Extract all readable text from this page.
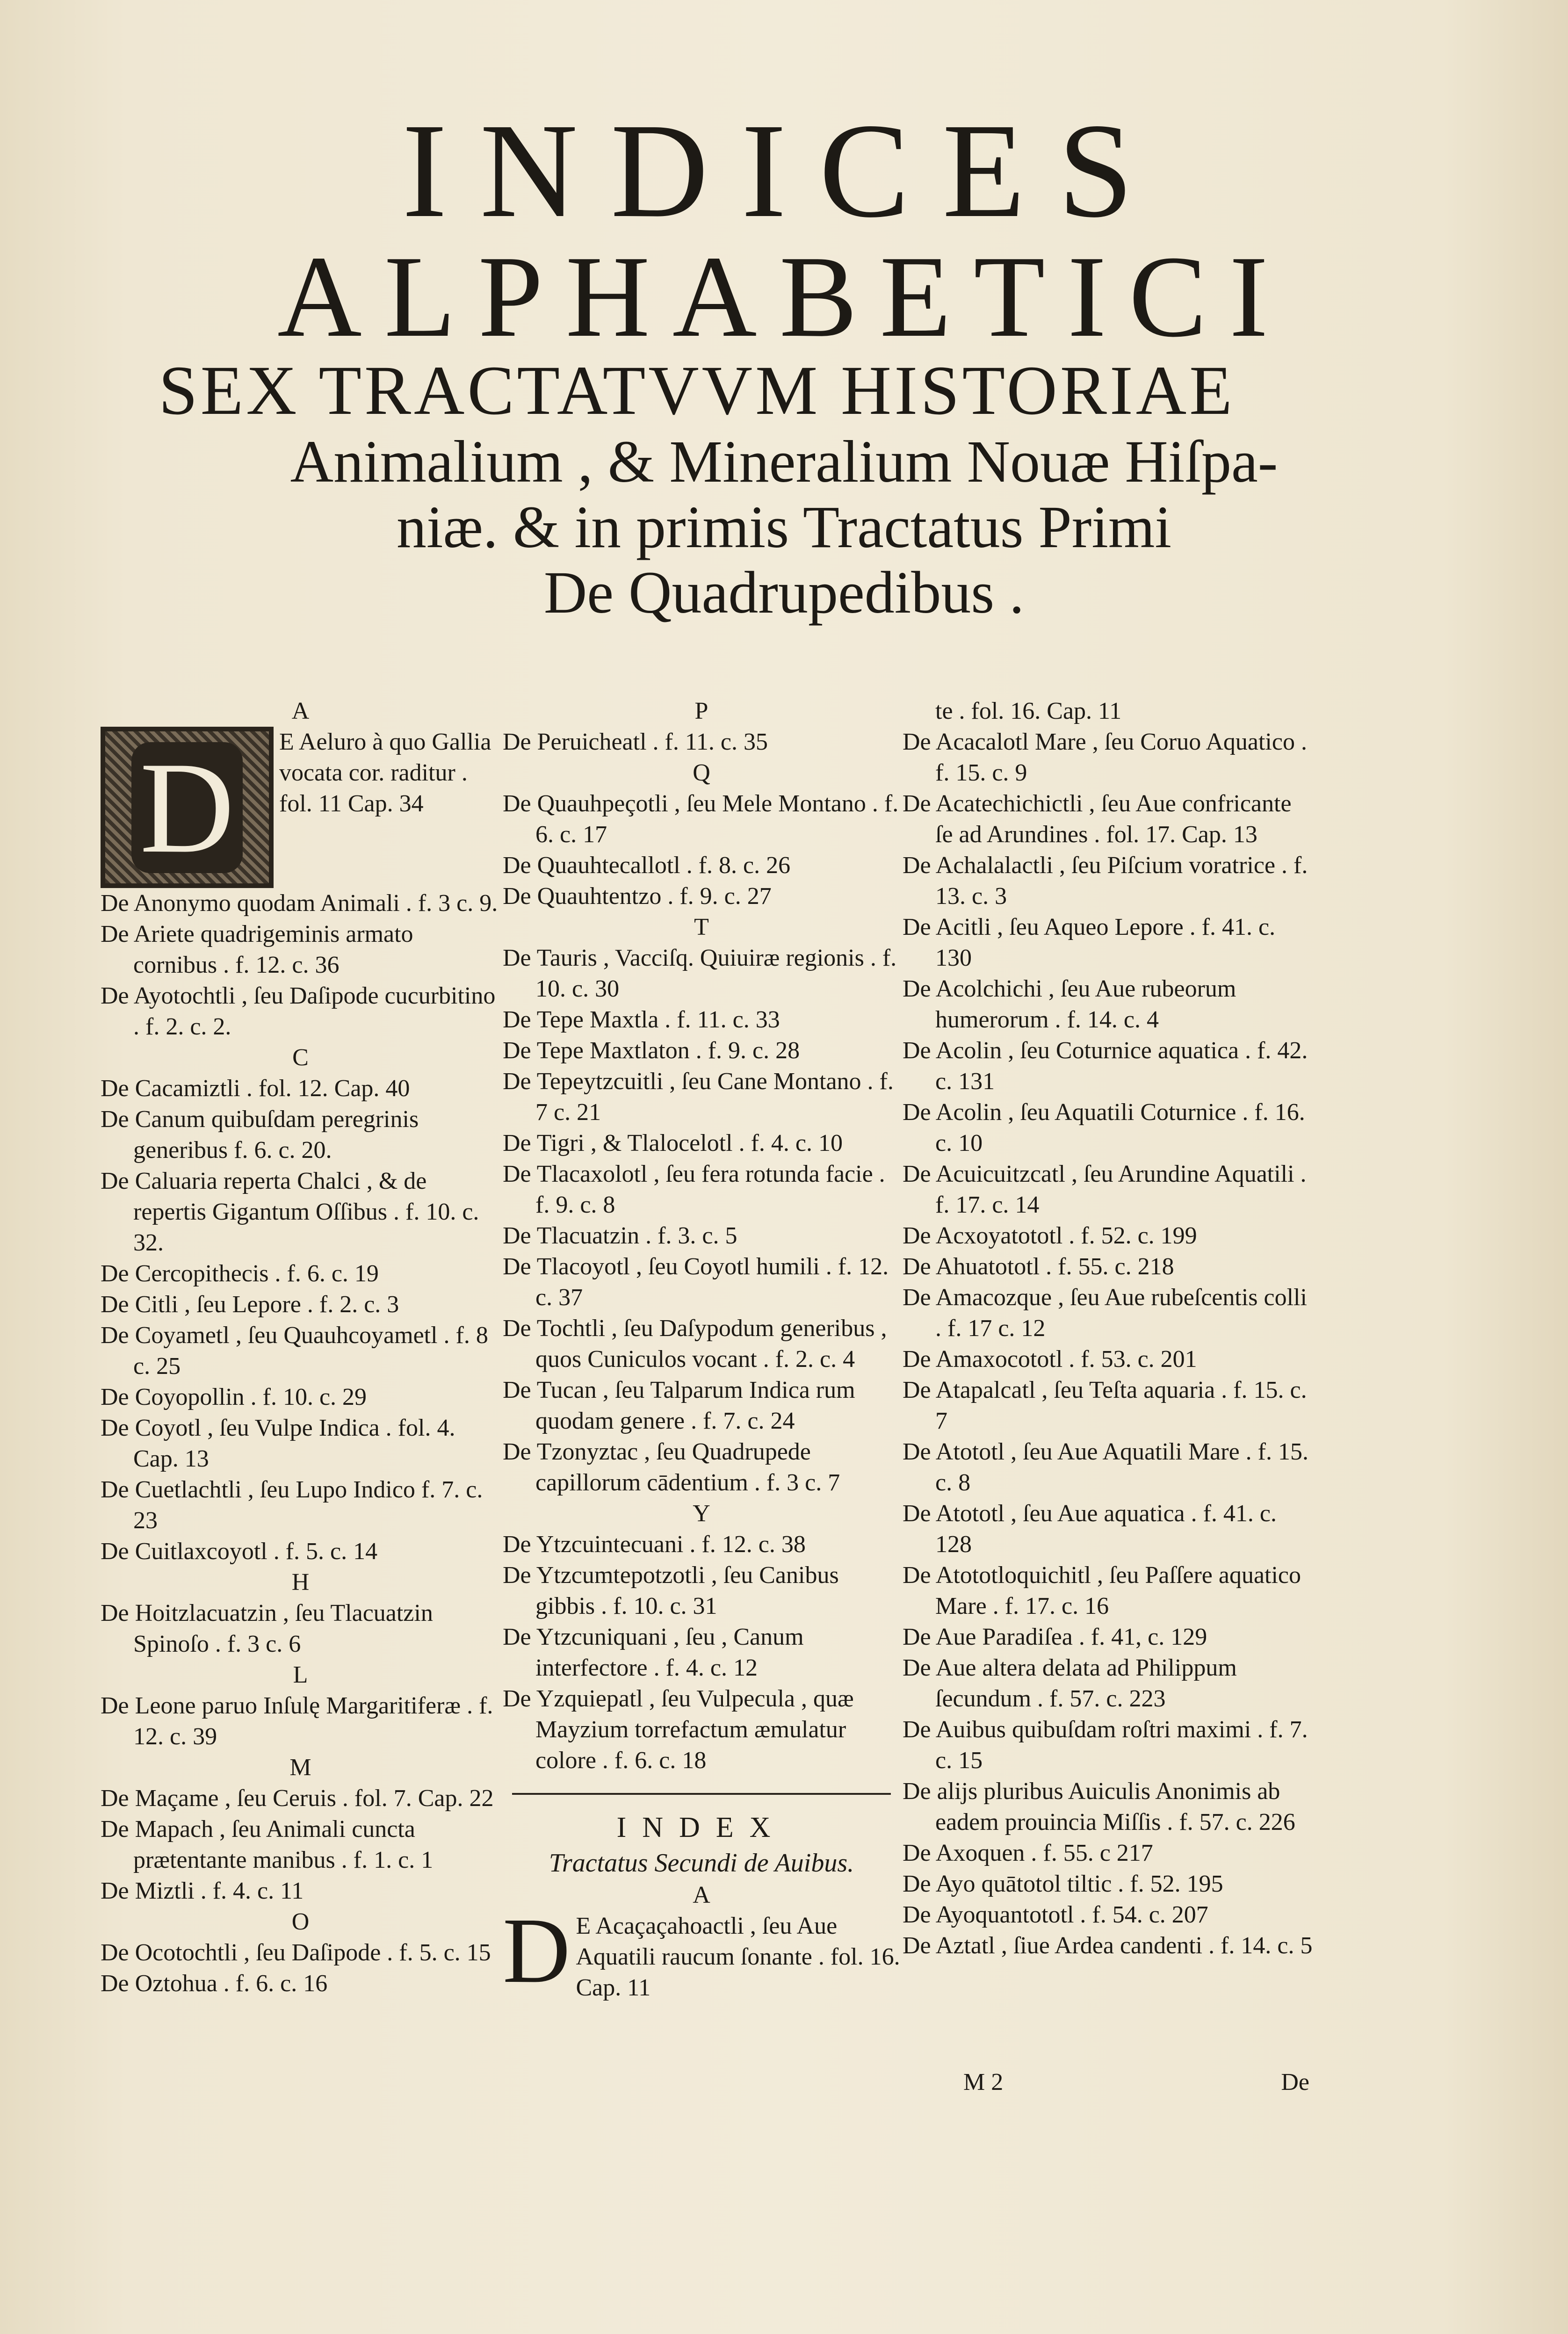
INDICES
ALPHABETICI
SEX TRACTATVVM HISTORIAE
Animalium , & Mineralium Nouæ Hiſpa-
niæ. & in primis Tractatus Primi
De Quadrupedibus .

A

D	E Aeluro à quo Gallia vocata cor. raditur . fol. 11 Cap. 34

De Anonymo quodam Animali . f. 3 c. 9.

De Ariete quadrigeminis armato cornibus . f. 12. c. 36

De Ayotochtli , ſeu Daſipode cucurbitino . f. 2. c. 2.

C

De Cacamiztli . fol. 12. Cap. 40

De Canum quibuſdam peregrinis generibus f. 6. c. 20.

De Caluaria reperta Chalci , & de repertis Gigantum Oſſibus . f. 10. c. 32.

De Cercopithecis . f. 6. c. 19

De Citli , ſeu Lepore . f. 2. c. 3

De Coyametl , ſeu Quauhcoyametl . f. 8 c. 25

De Coyopollin . f. 10. c. 29

De Coyotl , ſeu Vulpe Indica . fol. 4. Cap. 13

De Cuetlachtli , ſeu Lupo Indico f. 7. c. 23

De Cuitlaxcoyotl . f. 5. c. 14

H

De Hoitzlacuatzin , ſeu Tlacuatzin Spinoſo . f. 3 c. 6

L

De Leone paruo Inſulę Margaritiferæ . f. 12. c. 39

M

De Maçame , ſeu Ceruis . fol. 7. Cap. 22

De Mapach , ſeu Animali cuncta prætentante manibus . f. 1. c. 1

De Miztli . f. 4. c. 11

O

De Ocotochtli , ſeu Daſipode . f. 5. c. 15

De Oztohua . f. 6. c. 16

P

De Peruicheatl . f. 11. c. 35

Q

De Quauhpeçotli , ſeu Mele Montano . f. 6. c. 17

De Quauhtecallotl . f. 8. c. 26

De Quauhtentzo . f. 9. c. 27

T

De Tauris , Vacciſq. Quiuiræ regionis . f. 10. c. 30

De Tepe Maxtla . f. 11. c. 33

De Tepe Maxtlaton . f. 9. c. 28

De Tepeytzcuitli , ſeu Cane Montano . f. 7 c. 21

De Tigri , & Tlalocelotl . f. 4. c. 10

De Tlacaxolotl , ſeu fera rotunda facie . f. 9. c. 8

De Tlacuatzin . f. 3. c. 5

De Tlacoyotl , ſeu Coyotl humili . f. 12. c. 37

De Tochtli , ſeu Daſypodum generibus , quos Cuniculos vocant . f. 2. c. 4

De Tucan , ſeu Talparum Indica rum quodam genere . f. 7. c. 24

De Tzonyztac , ſeu Quadrupede capillorum cādentium . f. 3 c. 7

Y

De Ytzcuintecuani . f. 12. c. 38

De Ytzcumtepotzotli , ſeu Canibus gibbis . f. 10. c. 31

De Ytzcuniquani , ſeu , Canum interfectore . f. 4. c. 12

De Yzquiepatl , ſeu Vulpecula , quæ Mayzium torrefactum æmulatur colore . f. 6. c. 18

INDEX

Tractatus Secundi de Auibus.

A

D E Acaçaçahoactli , ſeu Aue Aquatili raucum ſonante . fol. 16. Cap. 11

te . fol. 16. Cap. 11

De Acacalotl Mare , ſeu Coruo Aquatico . f. 15. c. 9

De Acatechichictli , ſeu Aue confricante ſe ad Arundines . fol. 17. Cap. 13

De Achalalactli , ſeu Piſcium voratrice . f. 13. c. 3

De Acitli , ſeu Aqueo Lepore . f. 41. c. 130

De Acolchichi , ſeu Aue rubeorum humerorum . f. 14. c. 4

De Acolin , ſeu Coturnice aquatica . f. 42. c. 131

De Acolin , ſeu Aquatili Coturnice . f. 16. c. 10

De Acuicuitzcatl , ſeu Arundine Aquatili . f. 17. c. 14

De Acxoyatototl . f. 52. c. 199

De Ahuatototl . f. 55. c. 218

De Amacozque , ſeu Aue rubeſcentis colli . f. 17 c. 12

De Amaxocototl . f. 53. c. 201

De Atapalcatl , ſeu Teſta aquaria . f. 15. c. 7

De Atototl , ſeu Aue Aquatili Mare . f. 15. c. 8

De Atototl , ſeu Aue aquatica . f. 41. c. 128

De Atototloquichitl , ſeu Paſſere aquatico Mare . f. 17. c. 16

De Aue Paradiſea . f. 41, c. 129

De Aue altera delata ad Philippum ſecundum . f. 57. c. 223

De Auibus quibuſdam roſtri maximi . f. 7. c. 15

De alijs pluribus Auiculis Anonimis ab eadem prouincia Miſſis . f. 57. c. 226

De Axoquen . f. 55. c 217

De Ayo quātotol tiltic . f. 52. 195

De Ayoquantototl . f. 54. c. 207

De Aztatl , ſiue Ardea candenti . f. 14. c. 5

M 2	De
